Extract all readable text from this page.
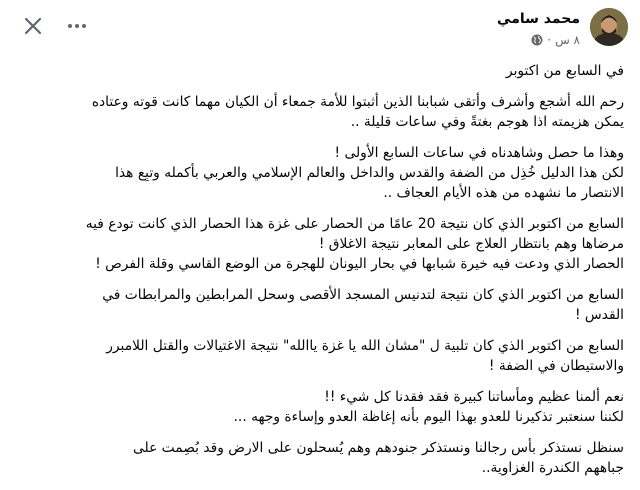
محمد سامي
٨ س
·

في السابع من اكتوبر

رحم الله أشجع وأشرف وأتقى شبابنا الذين أثبتوا للأمة جمعاء أن الكيان مهما كانت قوته وعتاده
يمكن هزيمته اذا هوجم بغتةً وفي ساعات قليلة ..

وهذا ما حصل وشاهدناه في ساعات السابع الأولى !
لكن هذا الدليل خُذِل من الضفة والقدس والداخل والعالم الإسلامي والعربي بأكمله وتبِع هذا
الانتصار ما نشهده من هذه الأيام العجاف ..

السابع من اكتوبر الذي كان نتيجة 20 عامًا من الحصار على غزة هذا الحصار الذي كانت تودع فيه
مرضاها وهم بانتظار العلاج على المعابر نتيجة الاغلاق !
الحصار الذي ودعت فيه خيرة شبابها في بحار اليونان للهجرة من الوضع القاسي وقلة الفرص !

السابع من اكتوبر الذي كان نتيجة لتدنيس المسجد الأقصى وسحل المرابطين والمرابطات في
القدس !

السابع من اكتوبر الذي كان تلبية ل "مشان الله يا غزة ياالله" نتيجة الاغتيالات والقتل اللامبرر
والاستيطان في الضفة !

نعم ألمنا عظيم ومأساتنا كبيرة فقد فقدنا كل شيء !!
لكننا سنعتبر تذكيرنا للعدو بهذا اليوم بأنه إغاظة العدو وإساءة وجهه ...

سنظل نستذكر بأس رجالنا ونستذكر جنودهم وهم يُسحلون على الارض وقد بُصِمت على
جباههم الكندرة الغزاوية..
